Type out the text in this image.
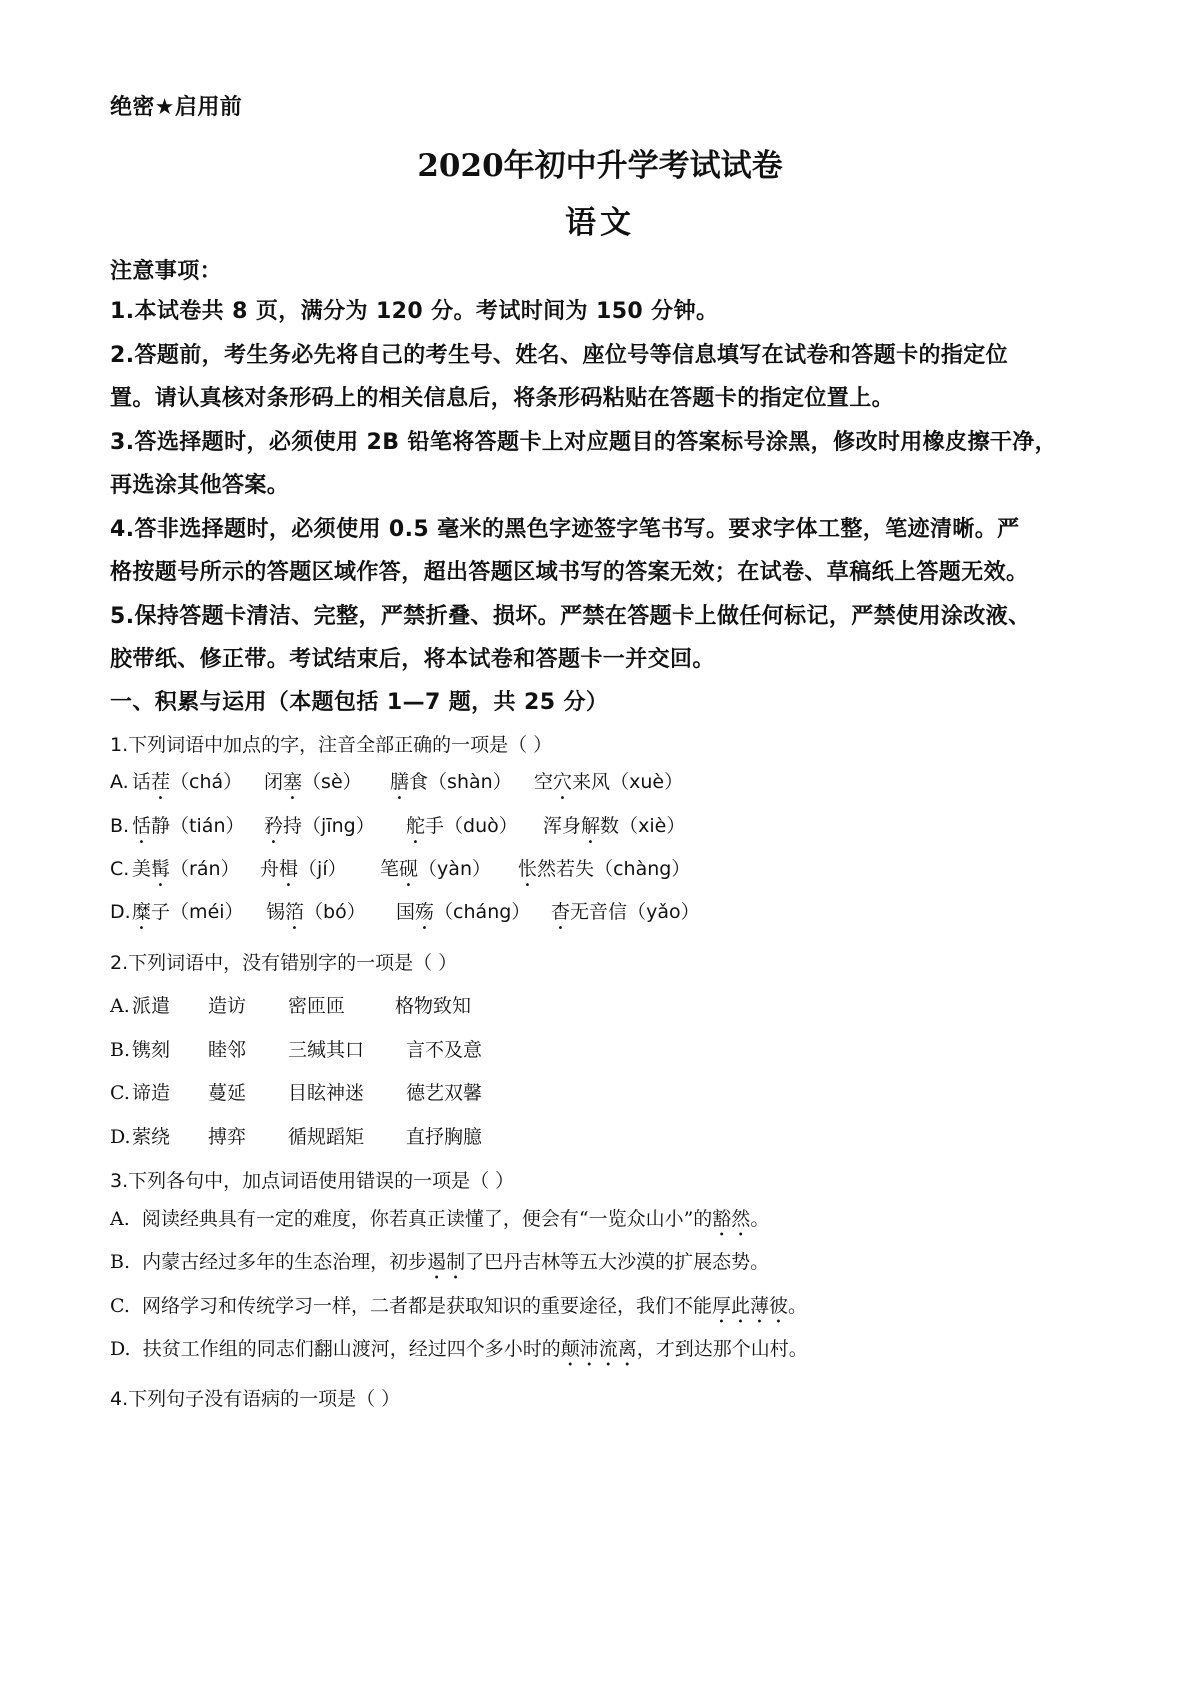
绝密★启用前
2020年初中升学考试试卷
语文
注意事项：
1.本试卷共 8 页，满分为 120 分。考试时间为 150 分钟。
2.答题前，考生务必先将自己的考生号、姓名、座位号等信息填写在试卷和答题卡的指定位
置。请认真核对条形码上的相关信息后，将条形码粘贴在答题卡的指定位置上。
3.答选择题时，必须使用 2B 铅笔将答题卡上对应题目的答案标号涂黑，修改时用橡皮擦干净，
再选涂其他答案。
4.答非选择题时，必须使用 0.5 毫米的黑色字迹签字笔书写。要求字体工整，笔迹清晰。严
格按题号所示的答题区域作答，超出答题区域书写的答案无效；在试卷、草稿纸上答题无效。
5.保持答题卡清洁、完整，严禁折叠、损坏。严禁在答题卡上做任何标记，严禁使用涂改液、
胶带纸、修正带。考试结束后，将本试卷和答题卡一并交回。
一、积累与运用（本题包括 1—7 题，共 25 分）
1.下列词语中加点的字，注音全部正确的一项是（ ）
A. 话茬（chá） 闭塞（sè） 膳食（shàn） 空穴来风（xuè）
B. 恬静（tián） 矜持（jīng） 舵手（duò） 浑身解数（xiè）
C. 美髯（rán） 舟楫（jí） 笔砚（yàn） 怅然若失（chàng）
D. 糜子（méi） 锡箔（bó） 国殇（cháng） 杳无音信（yǎo）
2.下列词语中，没有错别字的一项是（ ）
A. 派遣 造访 密匝匝	格物致知
B. 镌刻 睦邻 三缄其口 言不及意
C. 谛造 蔓延 目眩神迷 德艺双馨
D. 萦绕 搏弈 循规蹈矩 直抒胸臆
3.下列各句中，加点词语使用错误的一项是（ ）
A. 阅读经典具有一定的难度，你若真正读懂了，便会有“一览众山小”的豁然。
B. 内蒙古经过多年的生态治理，初步遏制了巴丹吉林等五大沙漠的扩展态势。
C. 网络学习和传统学习一样，二者都是获取知识的重要途径，我们不能厚此薄彼。
D. 扶贫工作组的同志们翻山渡河，经过四个多小时的颠沛流离，才到达那个山村。
4.下列句子没有语病的一项是（ ）
